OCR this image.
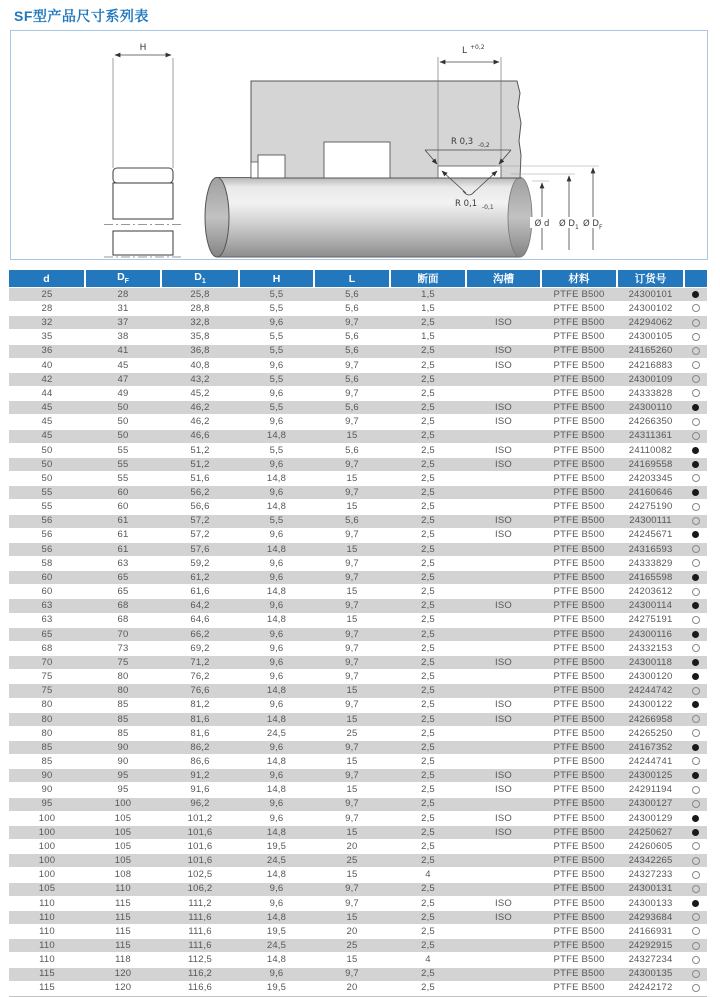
SF型产品尺寸系列表
H	L +0,2
R 0,3 -0,2
R 0,1 -0,1
Ø d Ø D 1 Ø D F
d	$D_F$	$D_1$	H	L	断面	沟槽	材料	订货号	
25	28	25,8	5,5	5,6	1,5		PTFE B500	24300101	
28	31	28,8	5,5	5,6	1,5		PTFE B500	24300102	
32	37	32,8	9,6	9,7	2,5	ISO	PTFE B500	24294062	
35	38	35,8	5,5	5,6	1,5		PTFE B500	24300105	
36	41	36,8	5,5	5,6	2,5	ISO	PTFE B500	24165260	
40	45	40,8	9,6	9,7	2,5	ISO	PTFE B500	24216883	
42	47	43,2	5,5	5,6	2,5		PTFE B500	24300109	
44	49	45,2	9,6	9,7	2,5		PTFE B500	24333828	
45	50	46,2	5,5	5,6	2,5	ISO	PTFE B500	24300110	
45	50	46,2	9,6	9,7	2,5	ISO	PTFE B500	24266350	
45	50	46,6	14,8	15	2,5		PTFE B500	24311361	
50	55	51,2	5,5	5,6	2,5	ISO	PTFE B500	24110082	
50	55	51,2	9,6	9,7	2,5	ISO	PTFE B500	24169558	
50	55	51,6	14,8	15	2,5		PTFE B500	24203345	
55	60	56,2	9,6	9,7	2,5		PTFE B500	24160646	
55	60	56,6	14,8	15	2,5		PTFE B500	24275190	
56	61	57,2	5,5	5,6	2,5	ISO	PTFE B500	24300111	
56	61	57,2	9,6	9,7	2,5	ISO	PTFE B500	24245671	
56	61	57,6	14,8	15	2,5		PTFE B500	24316593	
58	63	59,2	9,6	9,7	2,5		PTFE B500	24333829	
60	65	61,2	9,6	9,7	2,5		PTFE B500	24165598	
60	65	61,6	14,8	15	2,5		PTFE B500	24203612	
63	68	64,2	9,6	9,7	2,5	ISO	PTFE B500	24300114	
63	68	64,6	14,8	15	2,5		PTFE B500	24275191	
65	70	66,2	9,6	9,7	2,5		PTFE B500	24300116	
68	73	69,2	9,6	9,7	2,5		PTFE B500	24332153	
70	75	71,2	9,6	9,7	2,5	ISO	PTFE B500	24300118	
75	80	76,2	9,6	9,7	2,5		PTFE B500	24300120	
75	80	76,6	14,8	15	2,5		PTFE B500	24244742	
80	85	81,2	9,6	9,7	2,5	ISO	PTFE B500	24300122	
80	85	81,6	14,8	15	2,5	ISO	PTFE B500	24266958	
80	85	81,6	24,5	25	2,5		PTFE B500	24265250	
85	90	86,2	9,6	9,7	2,5		PTFE B500	24167352	
85	90	86,6	14,8	15	2,5		PTFE B500	24244741	
90	95	91,2	9,6	9,7	2,5	ISO	PTFE B500	24300125	
90	95	91,6	14,8	15	2,5	ISO	PTFE B500	24291194	
95	100	96,2	9,6	9,7	2,5		PTFE B500	24300127	
100	105	101,2	9,6	9,7	2,5	ISO	PTFE B500	24300129	
100	105	101,6	14,8	15	2,5	ISO	PTFE B500	24250627	
100	105	101,6	19,5	20	2,5		PTFE B500	24260605	
100	105	101,6	24,5	25	2,5		PTFE B500	24342265	
100	108	102,5	14,8	15	4		PTFE B500	24327233	
105	110	106,2	9,6	9,7	2,5		PTFE B500	24300131	
110	115	111,2	9,6	9,7	2,5	ISO	PTFE B500	24300133	
110	115	111,6	14,8	15	2,5	ISO	PTFE B500	24293684	
110	115	111,6	19,5	20	2,5		PTFE B500	24166931	
110	115	111,6	24,5	25	2,5		PTFE B500	24292915	
110	118	112,5	14,8	15	4		PTFE B500	24327234	
115	120	116,2	9,6	9,7	2,5		PTFE B500	24300135	
115	120	116,6	19,5	20	2,5		PTFE B500	24242172	
